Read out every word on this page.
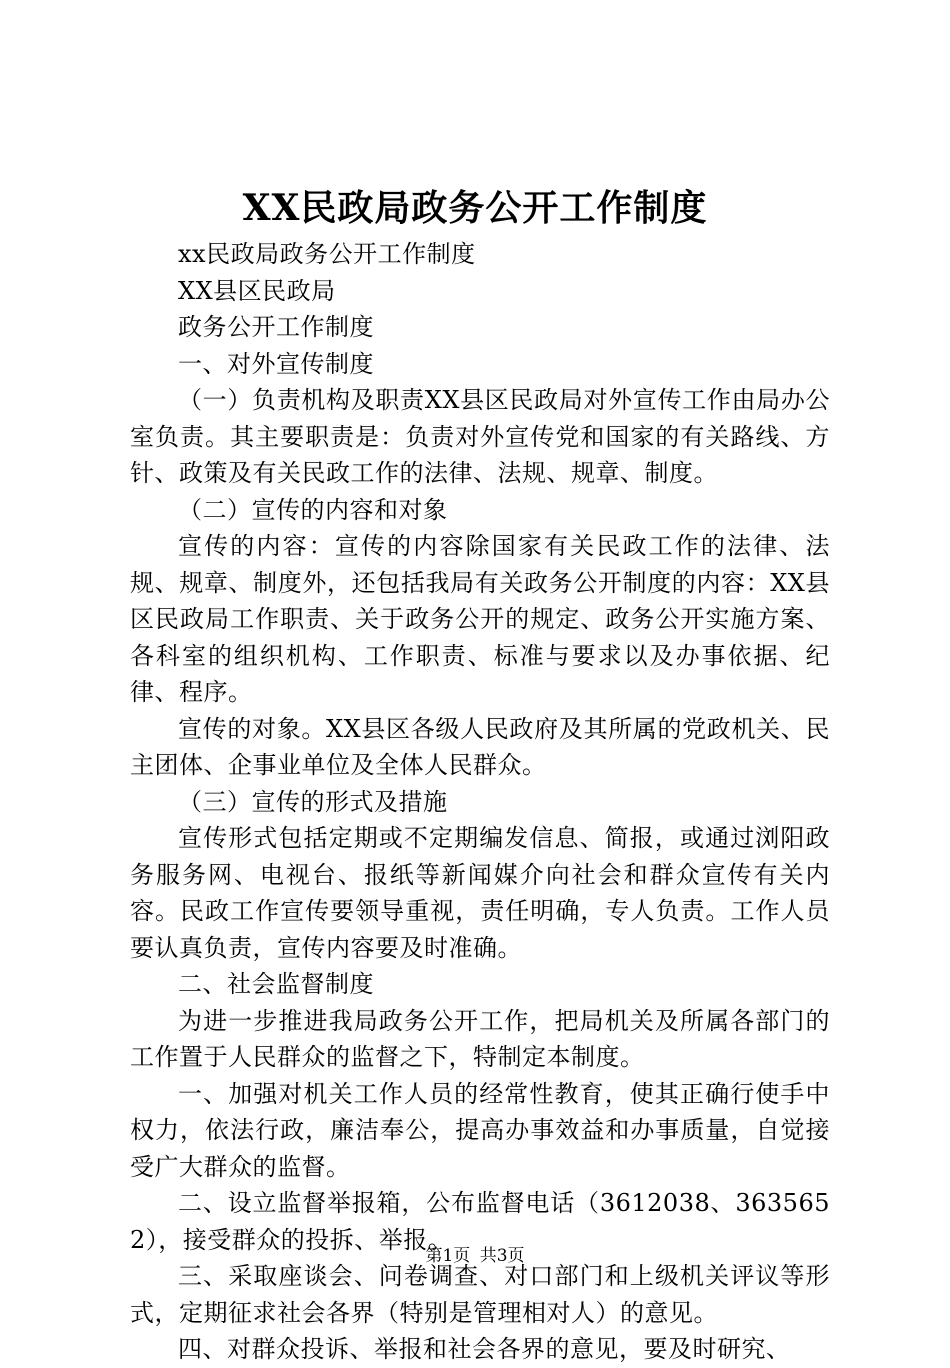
XX民政局政务公开工作制度

xx民政局政务公开工作制度

XX县区民政局

政务公开工作制度

一、对外宣传制度

（一）负责机构及职责XX县区民政局对外宣传工作由局办公室负责。其主要职责是：负责对外宣传党和国家的有关路线、方针、政策及有关民政工作的法律、法规、规章、制度。

（二）宣传的内容和对象

宣传的内容：宣传的内容除国家有关民政工作的法律、法规、规章、制度外，还包括我局有关政务公开制度的内容：XX县区民政局工作职责、关于政务公开的规定、政务公开实施方案、各科室的组织机构、工作职责、标准与要求以及办事依据、纪律、程序。

宣传的对象。XX县区各级人民政府及其所属的党政机关、民主团体、企事业单位及全体人民群众。

（三）宣传的形式及措施

宣传形式包括定期或不定期编发信息、简报，或通过浏阳政务服务网、电视台、报纸等新闻媒介向社会和群众宣传有关内容。民政工作宣传要领导重视，责任明确，专人负责。工作人员要认真负责，宣传内容要及时准确。

二、社会监督制度

为进一步推进我局政务公开工作，把局机关及所属各部门的工作置于人民群众的监督之下，特制定本制度。

一、加强对机关工作人员的经常性教育，使其正确行使手中权力，依法行政，廉洁奉公，提高办事效益和办事质量，自觉接受广大群众的监督。

二、设立监督举报箱，公布监督电话（3612038、3635652），接受群众的投拆、举报。

三、采取座谈会、问卷调查、对口部门和上级机关评议等形式，定期征求社会各界（特别是管理相对人）的意见。

四、对群众投诉、举报和社会各界的意见，要及时研究、

第1页 共3页
